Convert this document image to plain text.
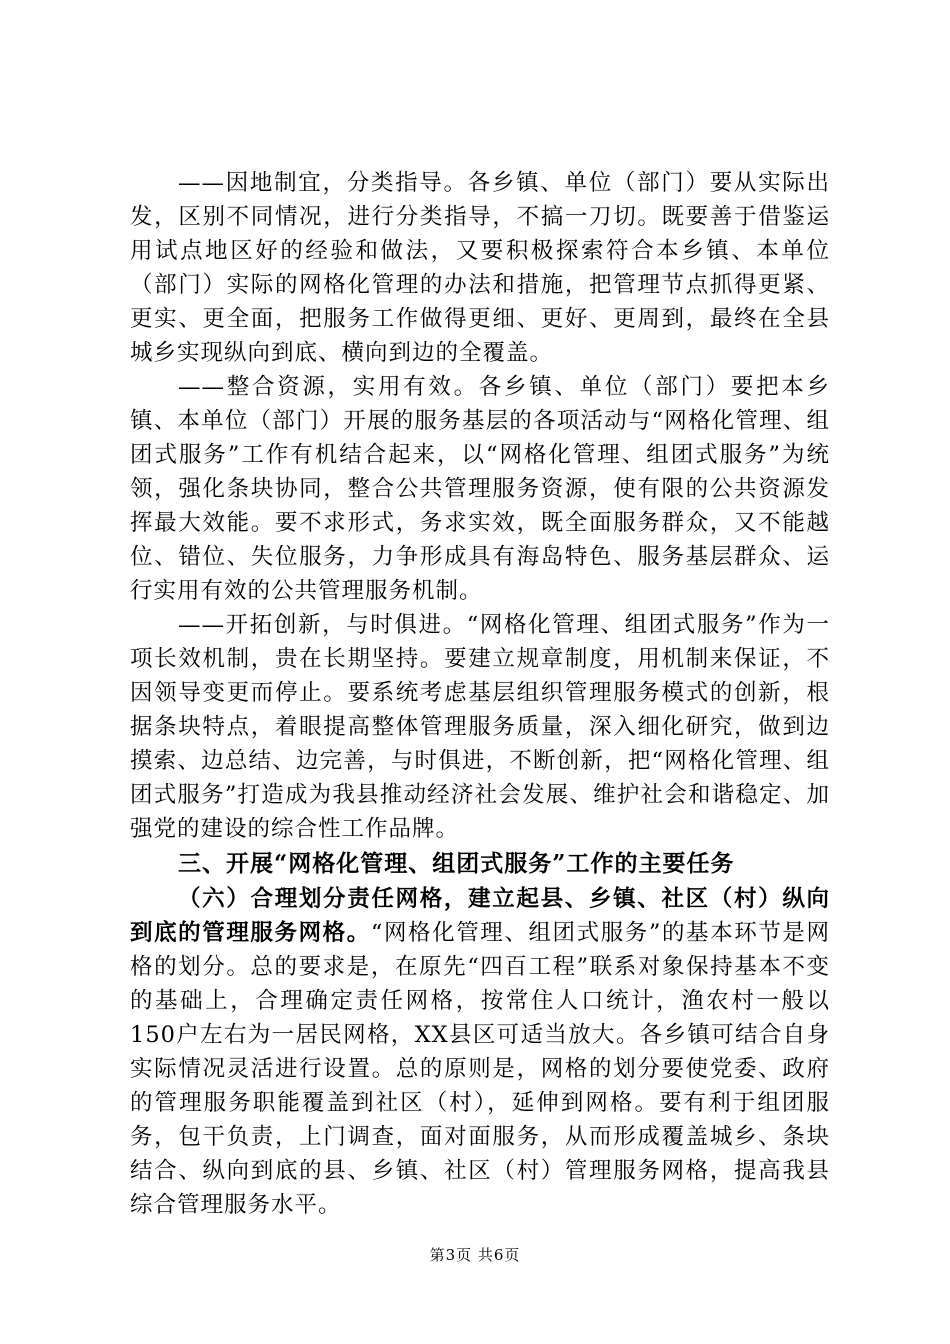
——因地制宜，分类指导。各乡镇、单位（部门）要从实际出发，区别不同情况，进行分类指导，不搞一刀切。既要善于借鉴运用试点地区好的经验和做法，又要积极探索符合本乡镇、本单位（部门）实际的网格化管理的办法和措施，把管理节点抓得更紧、更实、更全面，把服务工作做得更细、更好、更周到，最终在全县城乡实现纵向到底、横向到边的全覆盖。

——整合资源，实用有效。各乡镇、单位（部门）要把本乡镇、本单位（部门）开展的服务基层的各项活动与“网格化管理、组团式服务”工作有机结合起来，以“网格化管理、组团式服务”为统领，强化条块协同，整合公共管理服务资源，使有限的公共资源发挥最大效能。要不求形式，务求实效，既全面服务群众，又不能越位、错位、失位服务，力争形成具有海岛特色、服务基层群众、运行实用有效的公共管理服务机制。

——开拓创新，与时俱进。“网格化管理、组团式服务”作为一项长效机制，贵在长期坚持。要建立规章制度，用机制来保证，不因领导变更而停止。要系统考虑基层组织管理服务模式的创新，根据条块特点，着眼提高整体管理服务质量，深入细化研究，做到边摸索、边总结、边完善，与时俱进，不断创新，把“网格化管理、组团式服务”打造成为我县推动经济社会发展、维护社会和谐稳定、加强党的建设的综合性工作品牌。

三、开展“网格化管理、组团式服务”工作的主要任务

（六）合理划分责任网格，建立起县、乡镇、社区（村）纵向到底的管理服务网格。“网格化管理、组团式服务”的基本环节是网格的划分。总的要求是，在原先“四百工程”联系对象保持基本不变的基础上，合理确定责任网格，按常住人口统计，渔农村一般以150户左右为一居民网格，XX县区可适当放大。各乡镇可结合自身实际情况灵活进行设置。总的原则是，网格的划分要使党委、政府的管理服务职能覆盖到社区（村），延伸到网格。要有利于组团服务，包干负责，上门调查，面对面服务，从而形成覆盖城乡、条块结合、纵向到底的县、乡镇、社区（村）管理服务网格，提高我县综合管理服务水平。

第3页 共6页
